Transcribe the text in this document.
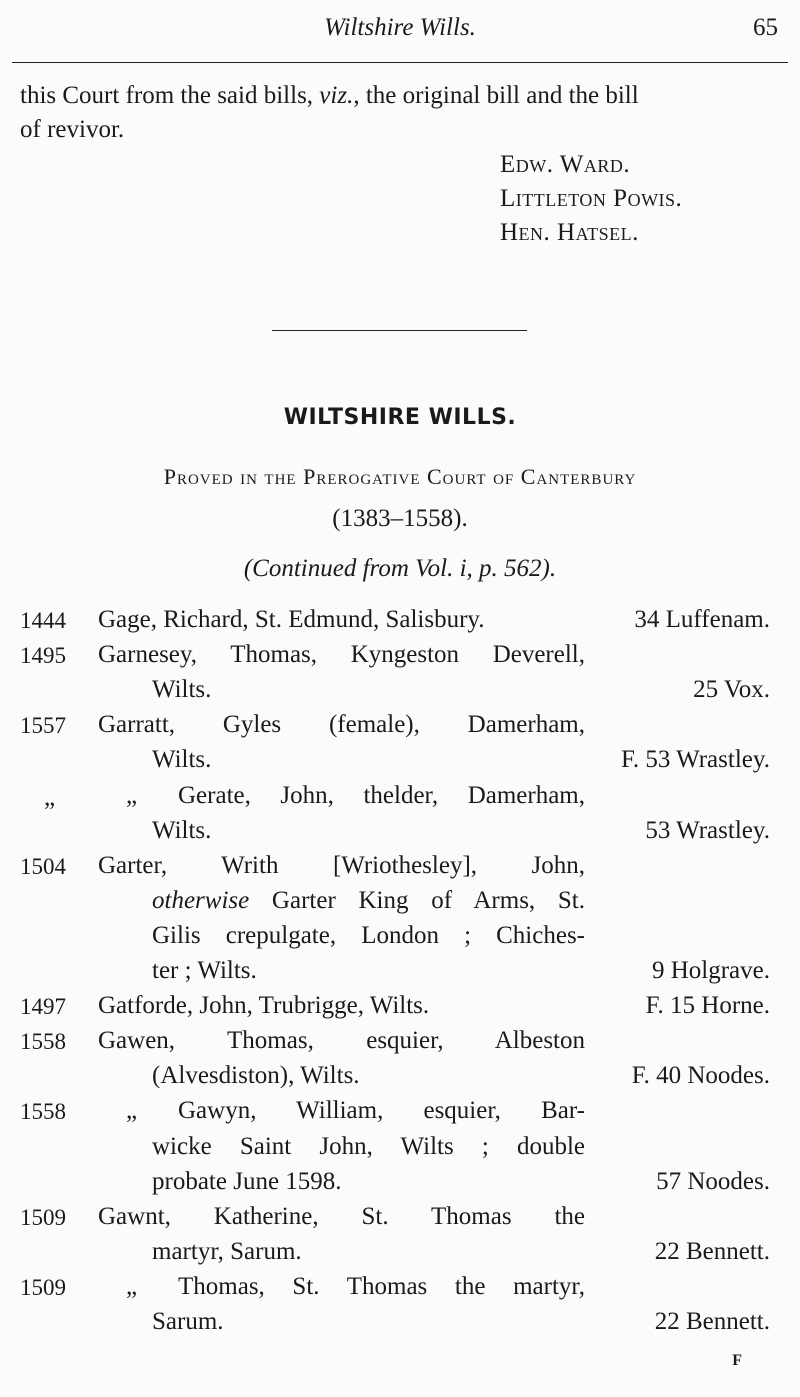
Wiltshire Wills.	65
this Court from the said bills, viz., the original bill and the bill
of revivor.
Edw. Ward.
Littleton Powis.
Hen. Hatsel.
WILTSHIRE WILLS.
Proved in the Prerogative Court of Canterbury
(1383–1558).
(Continued from Vol. i, p. 562).
1444 Gage, Richard, St. Edmund, Salisbury.	34 Luffenam.
1495 Garnesey, Thomas, Kyngeston Deverell,
Wilts.	25 Vox.
1557 Garratt, Gyles (female), Damerham,
Wilts.	F. 53 Wrastley.
„	„ Gerate, John, thelder, Damerham,
Wilts.	53 Wrastley.
1504 Garter, Writh [Wriothesley], John,
otherwise Garter King of Arms, St.
Gilis crepulgate, London ; Chiches-
ter ; Wilts.	9 Holgrave.
1497 Gatforde, John, Trubrigge, Wilts.	F. 15 Horne.
1558 Gawen, Thomas, esquier, Albeston
(Alvesdiston), Wilts.	F. 40 Noodes.
1558 „ Gawyn, William, esquier, Bar-
wicke Saint John, Wilts ; double
probate June 1598.	57 Noodes.
1509 Gawnt, Katherine, St. Thomas the
martyr, Sarum.	22 Bennett.
1509 „ Thomas, St. Thomas the martyr,
Sarum.	22 Bennett.
F
